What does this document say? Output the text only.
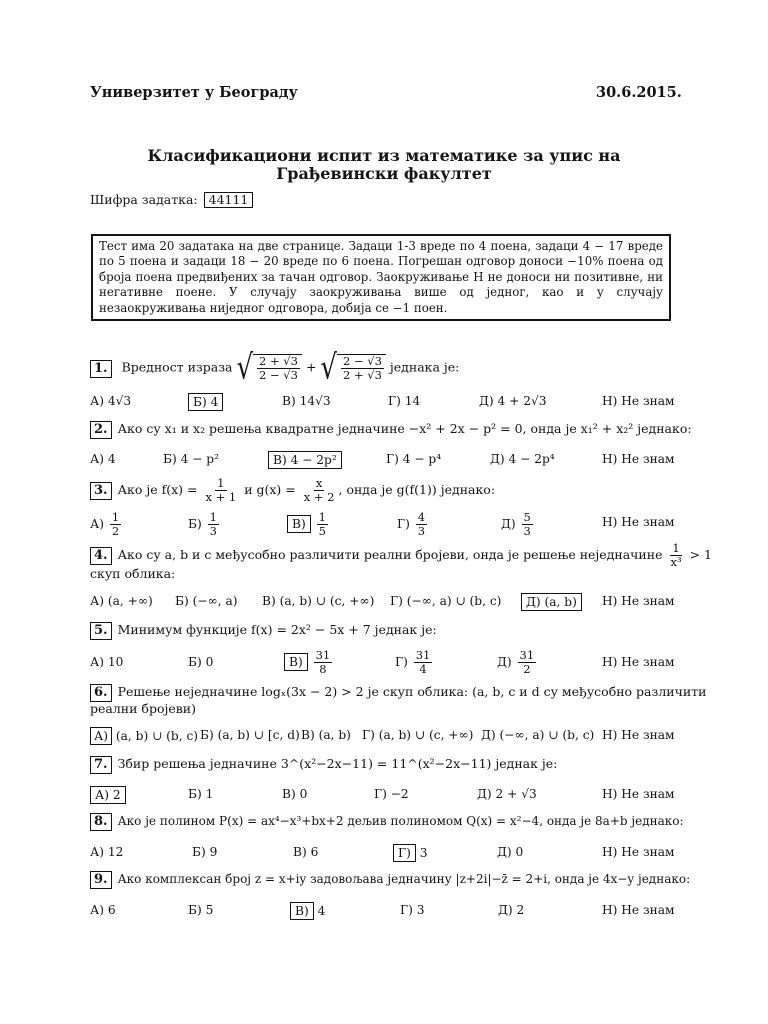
Универзитет у Београду	30.6.2015.
Класификациони испит из математике за упис на
Грађевински факултет
Шифра задатка: 44111
Тест има 20 задатака на две странице. Задаци 1-3 вреде по 4 поена, задаци 4 − 17 вреде по 5 поена и задаци 18 − 20 вреде по 6 поена. Погрешан одговор доноси −10% поена од броја поена предвиђених за тачан одговор. Заокруживање Н не доноси ни позитивне, ни негативне поене. У случају заокруживања више од једног, као и у случају незаокруживања ниједног одговора, добија се −1 поен.
1. Вредност израза √ $\frac{2 + √3}{2 - √3}$ + √ $\frac{2 - √3}{2 + √3}$ једнака је:
А) 4√3	Б) 4	В) 14√3	Г) 14	Д) 4 + 2√3	Н) Не знам
2. Ако су x₁ и x₂ решења квадратне једначине −x² + 2x − p² = 0, онда је x₁² + x₂² једнако:
А) 4	Б) 4 − p²	В) 4 − 2p²	Г) 4 − p⁴	Д) 4 − 2p⁴	Н) Не знам
3. Ако је $f(x) = \frac{1}{x + 1}$ и $g(x) = \frac{x}{x + 2}$ , онда је g(f(1)) једнако:
$А) \frac{1}{2}$	$Б) \frac{1}{3}$	$В) \frac{1}{5}$	$Г) \frac{4}{3}$	$Д) \frac{5}{3}$	Н) Не знам
4. Ако су a, b и c међусобно различити реални бројеви, онда је решење неједначине $\frac{1}{\text{x³}} > 1$
скуп облика:
А) (a, +∞) Б) (−∞, a) В) (a, b) ∪ (c, +∞) Г) (−∞, a) ∪ (b, c)	Д) (a, b)	Н) Не знам
5. Минимум функције f(x) = 2x² − 5x + 7 једнак је:
А) 10	Б) 0	$В) \frac{31}{8}$	$Г) \frac{31}{4}$	$Д) \frac{31}{2}$	Н) Не знам
6. Решење неједначине logₓ(3x − 2) > 2 је скуп облика: (a, b, c и d су међусобно различити
реални бројеви)
А) (a, b) ∪ (b, c) Б) (a, b) ∪ [c, d) В) (a, b) Г) (a, b) ∪ (c, +∞) Д) (−∞, a) ∪ (b, c) Н) Не знам
7. Збир решења једначине 3^(x²−2x−11) = 11^(x²−2x−11) једнак је:
А) 2	Б) 1	В) 0	Г) −2	Д) 2 + √3	Н) Не знам
8. Ако је полином P(x) = ax⁴−x³+bx+2 дељив полиномом Q(x) = x²−4, онда је 8a+b једнако:
А) 12	Б) 9	В) 6	Г) 3	Д) 0	Н) Не знам
9. Ако комплексан број z = x+iy задовољава једначину |z+2i|−z̄ = 2+i, онда је 4x−y једнако:
А) 6	Б) 5	В) 4	Г) 3	Д) 2	Н) Не знам
